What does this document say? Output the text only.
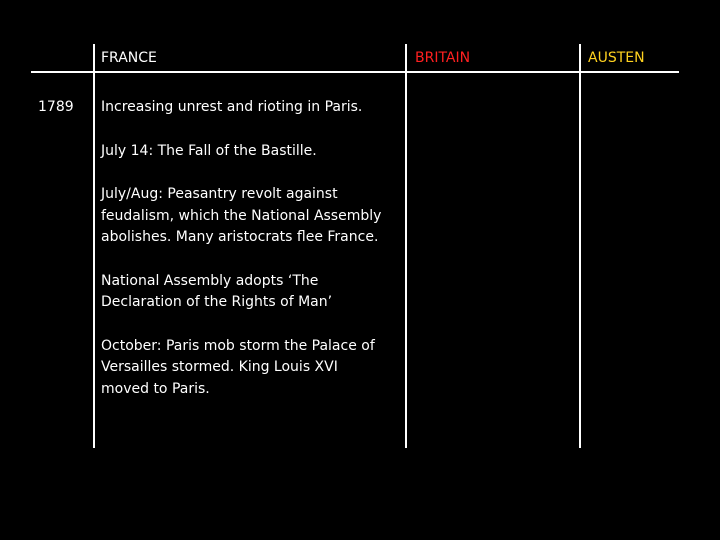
FRANCE	BRITAIN	AUSTEN
1789 Increasing unrest and rioting in Paris.
July 14: The Fall of the Bastille.
July/Aug: Peasantry revolt against
feudalism, which the National Assembly
abolishes. Many aristocrats flee France.
National Assembly adopts ‘The
Declaration of the Rights of Man’
October: Paris mob storm the Palace of
Versailles stormed. King Louis XVI
moved to Paris.
